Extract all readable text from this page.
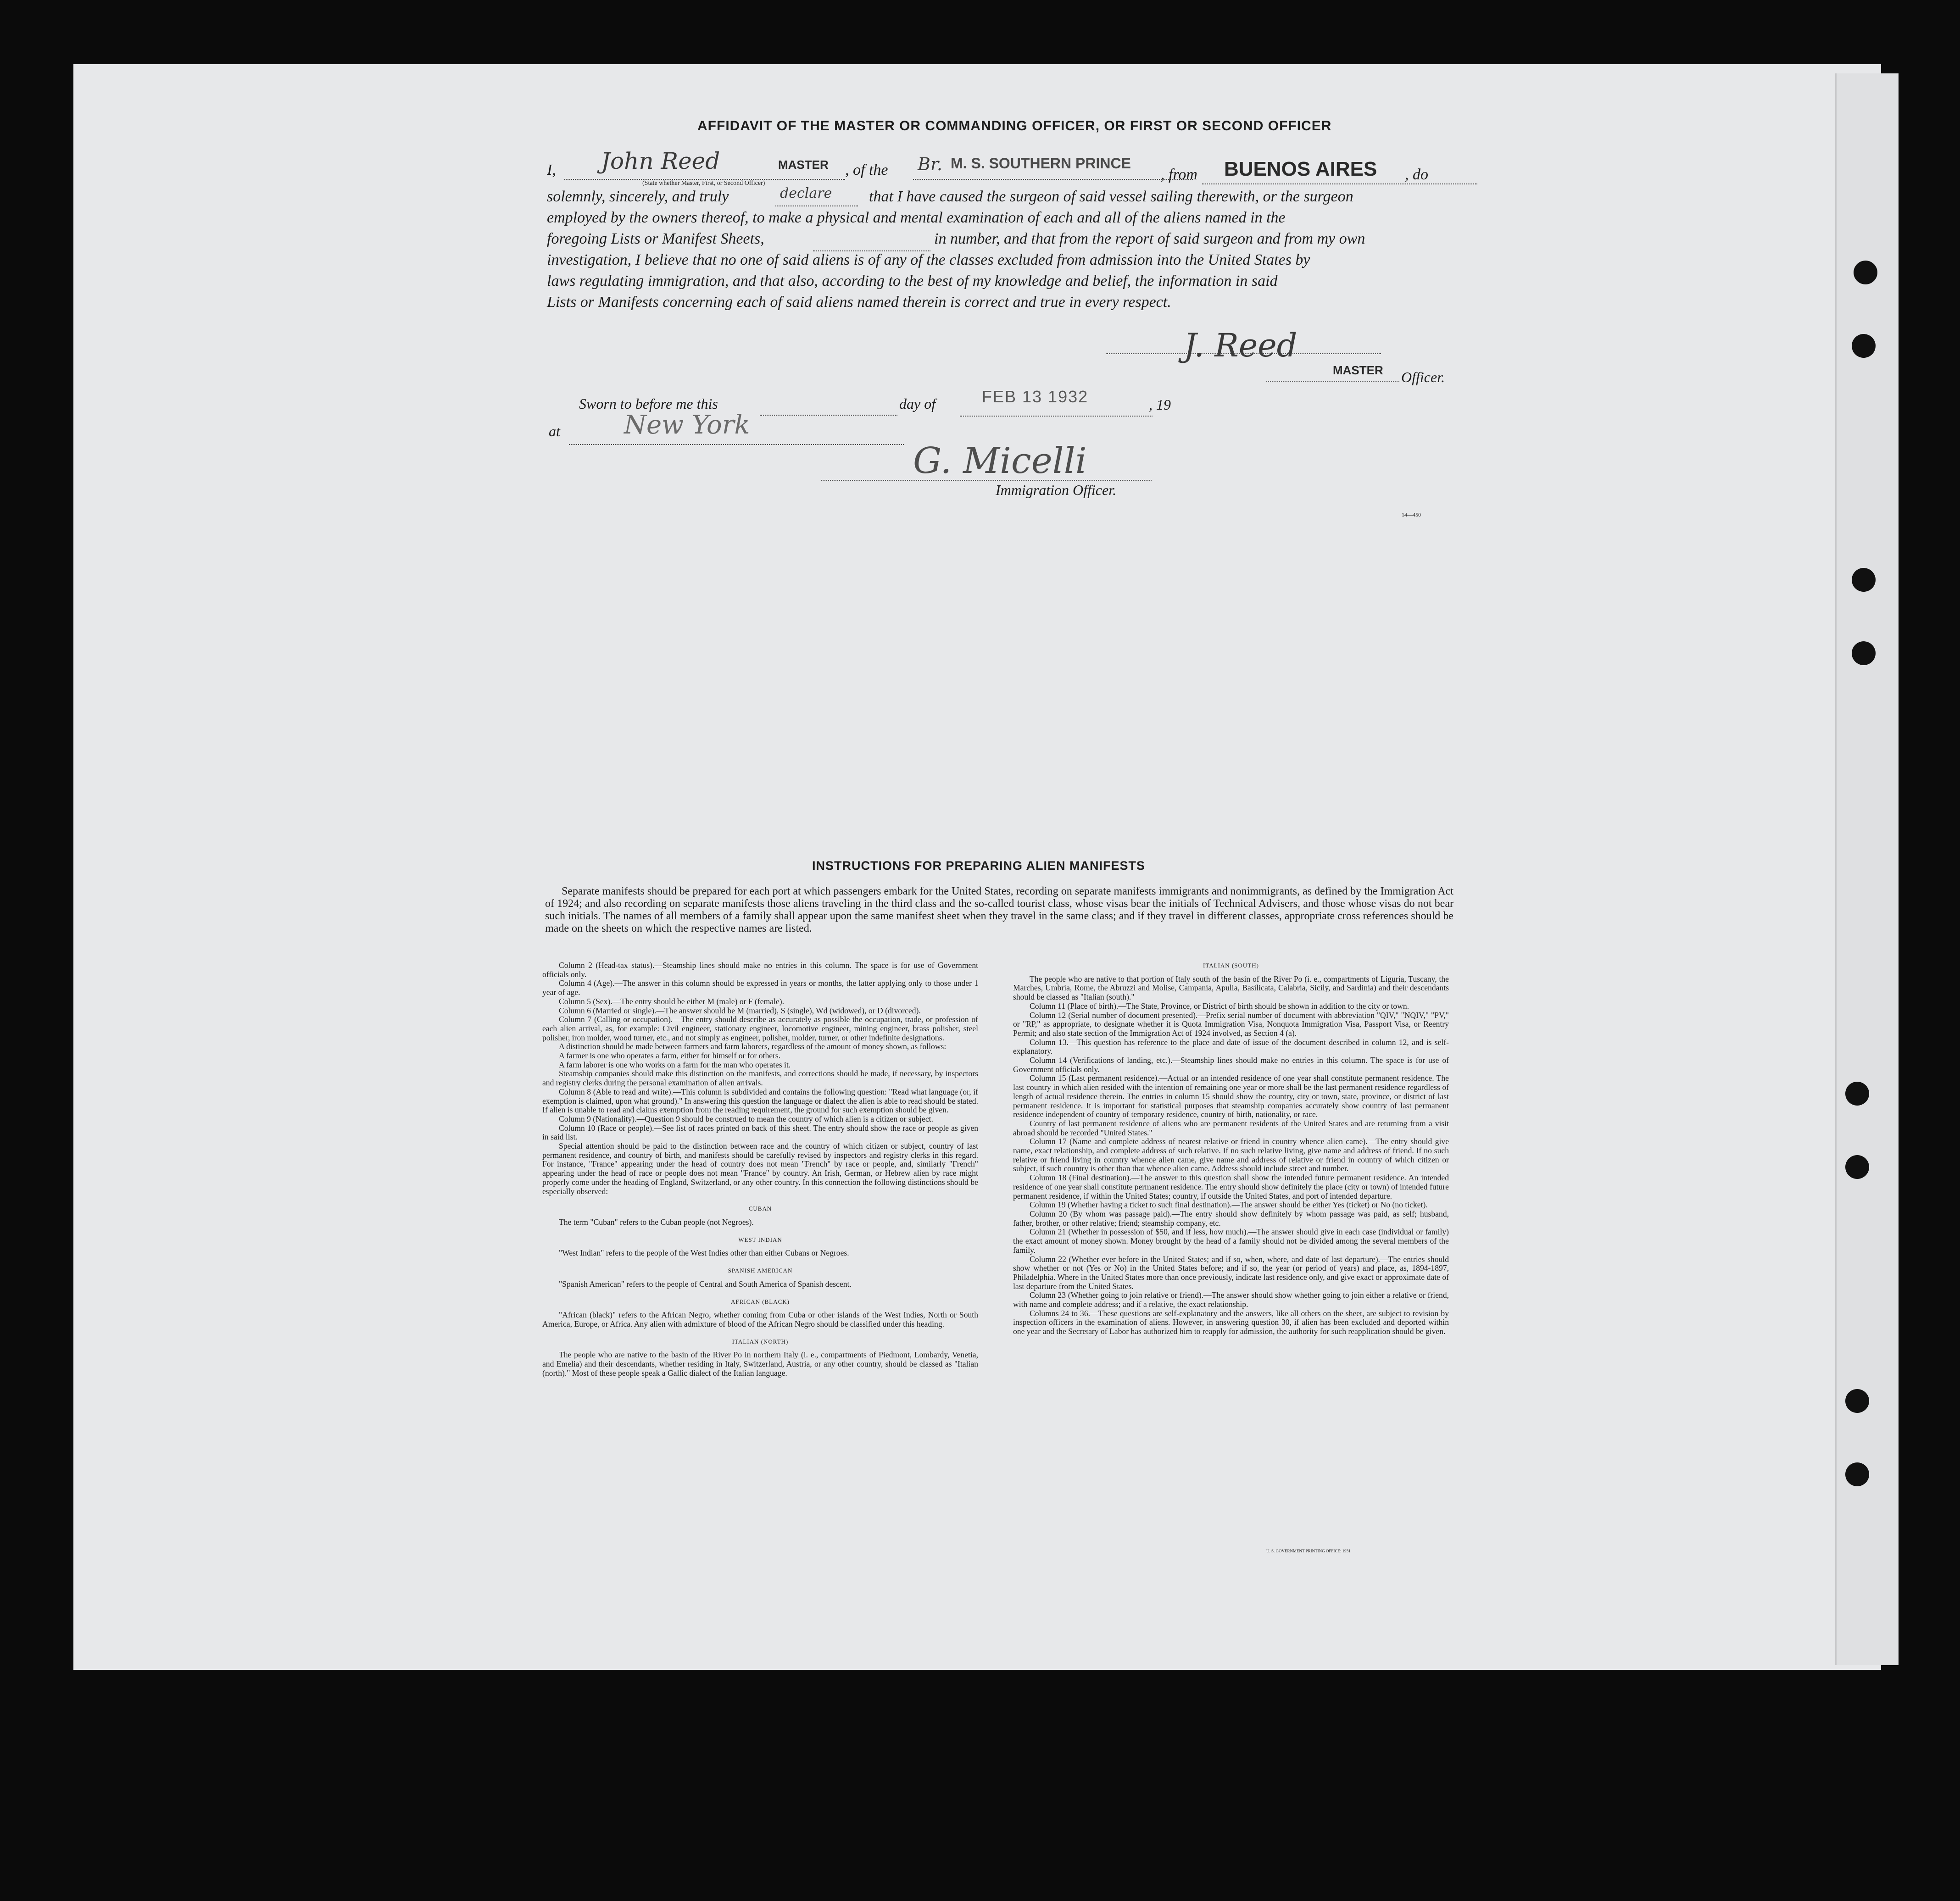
AFFIDAVIT OF THE MASTER OR COMMANDING OFFICER, OR FIRST OR SECOND OFFICER
I, John Reed	MASTER
(State whether Master, First, or Second Officer)
, of the Br. M. S. SOUTHERN PRINCE
, from BUENOS AIRES , do
solemnly, sincerely, and truly	declare that I have caused the surgeon of said vessel sailing therewith, or the surgeon
employed by the owners thereof, to make a physical and mental examination of each and all of the aliens named in the
foregoing Lists or Manifest Sheets,	in number, and that from the report of said surgeon and from my own
investigation, I believe that no one of said aliens is of any of the classes excluded from admission into the United States by
laws regulating immigration, and that also, according to the best of my knowledge and belief, the information in said
Lists or Manifests concerning each of said aliens named therein is correct and true in every respect.
J. Reed
MASTER Officer.
Sworn to before me this	day of	FEB 13 1932	, 19
at New York
G. Micelli
Immigration Officer.
14—450
INSTRUCTIONS FOR PREPARING ALIEN MANIFESTS
Separate manifests should be prepared for each port at which passengers embark for the United States, recording on separate manifests immigrants and nonimmigrants, as defined by the Immigration Act of 1924; and also recording on separate manifests those aliens traveling in the third class and the so-called tourist class, whose visas bear the initials of Technical Advisers, and those whose visas do not bear such initials. The names of all members of a family shall appear upon the same manifest sheet when they travel in the same class; and if they travel in different classes, appropriate cross references should be made on the sheets on which the respective names are listed.

Column 2 (Head-tax status).—Steamship lines should make no entries in this column. The space is for use of Government officials only.

Column 4 (Age).—The answer in this column should be expressed in years or months, the latter applying only to those under 1 year of age.

Column 5 (Sex).—The entry should be either M (male) or F (female).

Column 6 (Married or single).—The answer should be M (married), S (single), Wd (widowed), or D (divorced).

Column 7 (Calling or occupation).—The entry should describe as accurately as possible the occupation, trade, or profession of each alien arrival, as, for example: Civil engineer, stationary engineer, locomotive engineer, mining engineer, brass polisher, steel polisher, iron molder, wood turner, etc., and not simply as engineer, polisher, molder, turner, or other indefinite designations.

A distinction should be made between farmers and farm laborers, regardless of the amount of money shown, as follows:

A farmer is one who operates a farm, either for himself or for others.

A farm laborer is one who works on a farm for the man who operates it.

Steamship companies should make this distinction on the manifests, and corrections should be made, if necessary, by inspectors and registry clerks during the personal examination of alien arrivals.

Column 8 (Able to read and write).—This column is subdivided and contains the following question: "Read what language (or, if exemption is claimed, upon what ground)." In answering this question the language or dialect the alien is able to read should be stated. If alien is unable to read and claims exemption from the reading requirement, the ground for such exemption should be given.

Column 9 (Nationality).—Question 9 should be construed to mean the country of which alien is a citizen or subject.

Column 10 (Race or people).—See list of races printed on back of this sheet. The entry should show the race or people as given in said list.

Special attention should be paid to the distinction between race and the country of which citizen or subject, country of last permanent residence, and country of birth, and manifests should be carefully revised by inspectors and registry clerks in this regard. For instance, "France" appearing under the head of country does not mean "French" by race or people, and, similarly "French" appearing under the head of race or people does not mean "France" by country. An Irish, German, or Hebrew alien by race might properly come under the heading of England, Switzerland, or any other country. In this connection the following distinctions should be especially observed:

CUBAN

The term "Cuban" refers to the Cuban people (not Negroes).

WEST INDIAN

"West Indian" refers to the people of the West Indies other than either Cubans or Negroes.

SPANISH AMERICAN

"Spanish American" refers to the people of Central and South America of Spanish descent.

AFRICAN (BLACK)

"African (black)" refers to the African Negro, whether coming from Cuba or other islands of the West Indies, North or South America, Europe, or Africa. Any alien with admixture of blood of the African Negro should be classified under this heading.

ITALIAN (NORTH)

The people who are native to the basin of the River Po in northern Italy (i. e., compartments of Piedmont, Lombardy, Venetia, and Emelia) and their descendants, whether residing in Italy, Switzerland, Austria, or any other country, should be classed as "Italian (north)." Most of these people speak a Gallic dialect of the Italian language.

ITALIAN (SOUTH)

The people who are native to that portion of Italy south of the basin of the River Po (i. e., compartments of Liguria, Tuscany, the Marches, Umbria, Rome, the Abruzzi and Molise, Campania, Apulia, Basilicata, Calabria, Sicily, and Sardinia) and their descendants should be classed as "Italian (south)."

Column 11 (Place of birth).—The State, Province, or District of birth should be shown in addition to the city or town.

Column 12 (Serial number of document presented).—Prefix serial number of document with abbreviation "QIV," "NQIV," "PV," or "RP," as appropriate, to designate whether it is Quota Immigration Visa, Nonquota Immigration Visa, Passport Visa, or Reentry Permit; and also state section of the Immigration Act of 1924 involved, as Section 4 (a).

Column 13.—This question has reference to the place and date of issue of the document described in column 12, and is self-explanatory.

Column 14 (Verifications of landing, etc.).—Steamship lines should make no entries in this column. The space is for use of Government officials only.

Column 15 (Last permanent residence).—Actual or an intended residence of one year shall constitute permanent residence. The last country in which alien resided with the intention of remaining one year or more shall be the last permanent residence regardless of length of actual residence therein. The entries in column 15 should show the country, city or town, state, province, or district of last permanent residence. It is important for statistical purposes that steamship companies accurately show country of last permanent residence independent of country of temporary residence, country of birth, nationality, or race.

Country of last permanent residence of aliens who are permanent residents of the United States and are returning from a visit abroad should be recorded "United States."

Column 17 (Name and complete address of nearest relative or friend in country whence alien came).—The entry should give name, exact relationship, and complete address of such relative. If no such relative living, give name and address of friend. If no such relative or friend living in country whence alien came, give name and address of relative or friend in country of which citizen or subject, if such country is other than that whence alien came. Address should include street and number.

Column 18 (Final destination).—The answer to this question shall show the intended future permanent residence. An intended residence of one year shall constitute permanent residence. The entry should show definitely the place (city or town) of intended future permanent residence, if within the United States; country, if outside the United States, and port of intended departure.

Column 19 (Whether having a ticket to such final destination).—The answer should be either Yes (ticket) or No (no ticket).

Column 20 (By whom was passage paid).—The entry should show definitely by whom passage was paid, as self; husband, father, brother, or other relative; friend; steamship company, etc.

Column 21 (Whether in possession of $50, and if less, how much).—The answer should give in each case (individual or family) the exact amount of money shown. Money brought by the head of a family should not be divided among the several members of the family.

Column 22 (Whether ever before in the United States; and if so, when, where, and date of last departure).—The entries should show whether or not (Yes or No) in the United States before; and if so, the year (or period of years) and place, as, 1894-1897, Philadelphia. Where in the United States more than once previously, indicate last residence only, and give exact or approximate date of last departure from the United States.

Column 23 (Whether going to join relative or friend).—The answer should show whether going to join either a relative or friend, with name and complete address; and if a relative, the exact relationship.

Columns 24 to 36.—These questions are self-explanatory and the answers, like all others on the sheet, are subject to revision by inspection officers in the examination of aliens. However, in answering question 30, if alien has been excluded and deported within one year and the Secretary of Labor has authorized him to reapply for admission, the authority for such reapplication should be given.

U. S. GOVERNMENT PRINTING OFFICE: 1931
